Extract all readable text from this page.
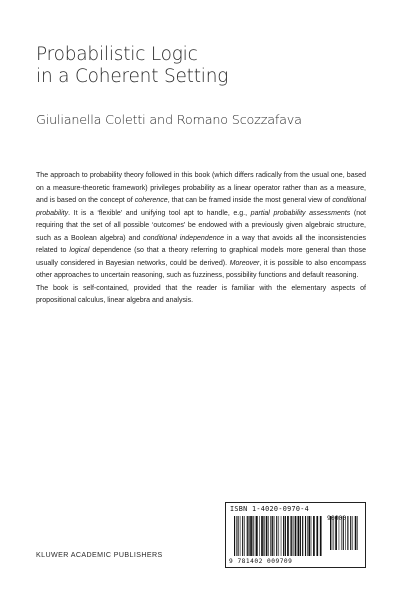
Probabilistic Logic
in a Coherent Setting
Giulianella Coletti and Romano Scozzafava

The approach to probability theory followed in this book (which differs radically from the usual one, based on a measure-theoretic framework) privileges probability as a linear operator rather than as a measure, and is based on the concept of coherence, that can be framed inside the most general view of conditional probability. It is a ‘flexible’ and unifying tool apt to handle, e.g., partial probability assessments (not requiring that the set of all possible ‘outcomes’ be endowed with a previously given algebraic structure, such as a Boolean algebra) and conditional independence in a way that avoids all the inconsistencies related to logical dependence (so that a theory referring to graphical models more general than those usually considered in Bayesian networks, could be derived). Moreover, it is possible to also encompass other approaches to uncertain reasoning, such as fuzziness, possibility functions and default reasoning.

The book is self-contained, provided that the reader is familiar with the elementary aspects of propositional calculus, linear algebra and analysis.

ISBN 1-4020-0970-4
90000
9 781402 009709
KLUWER ACADEMIC PUBLISHERS
